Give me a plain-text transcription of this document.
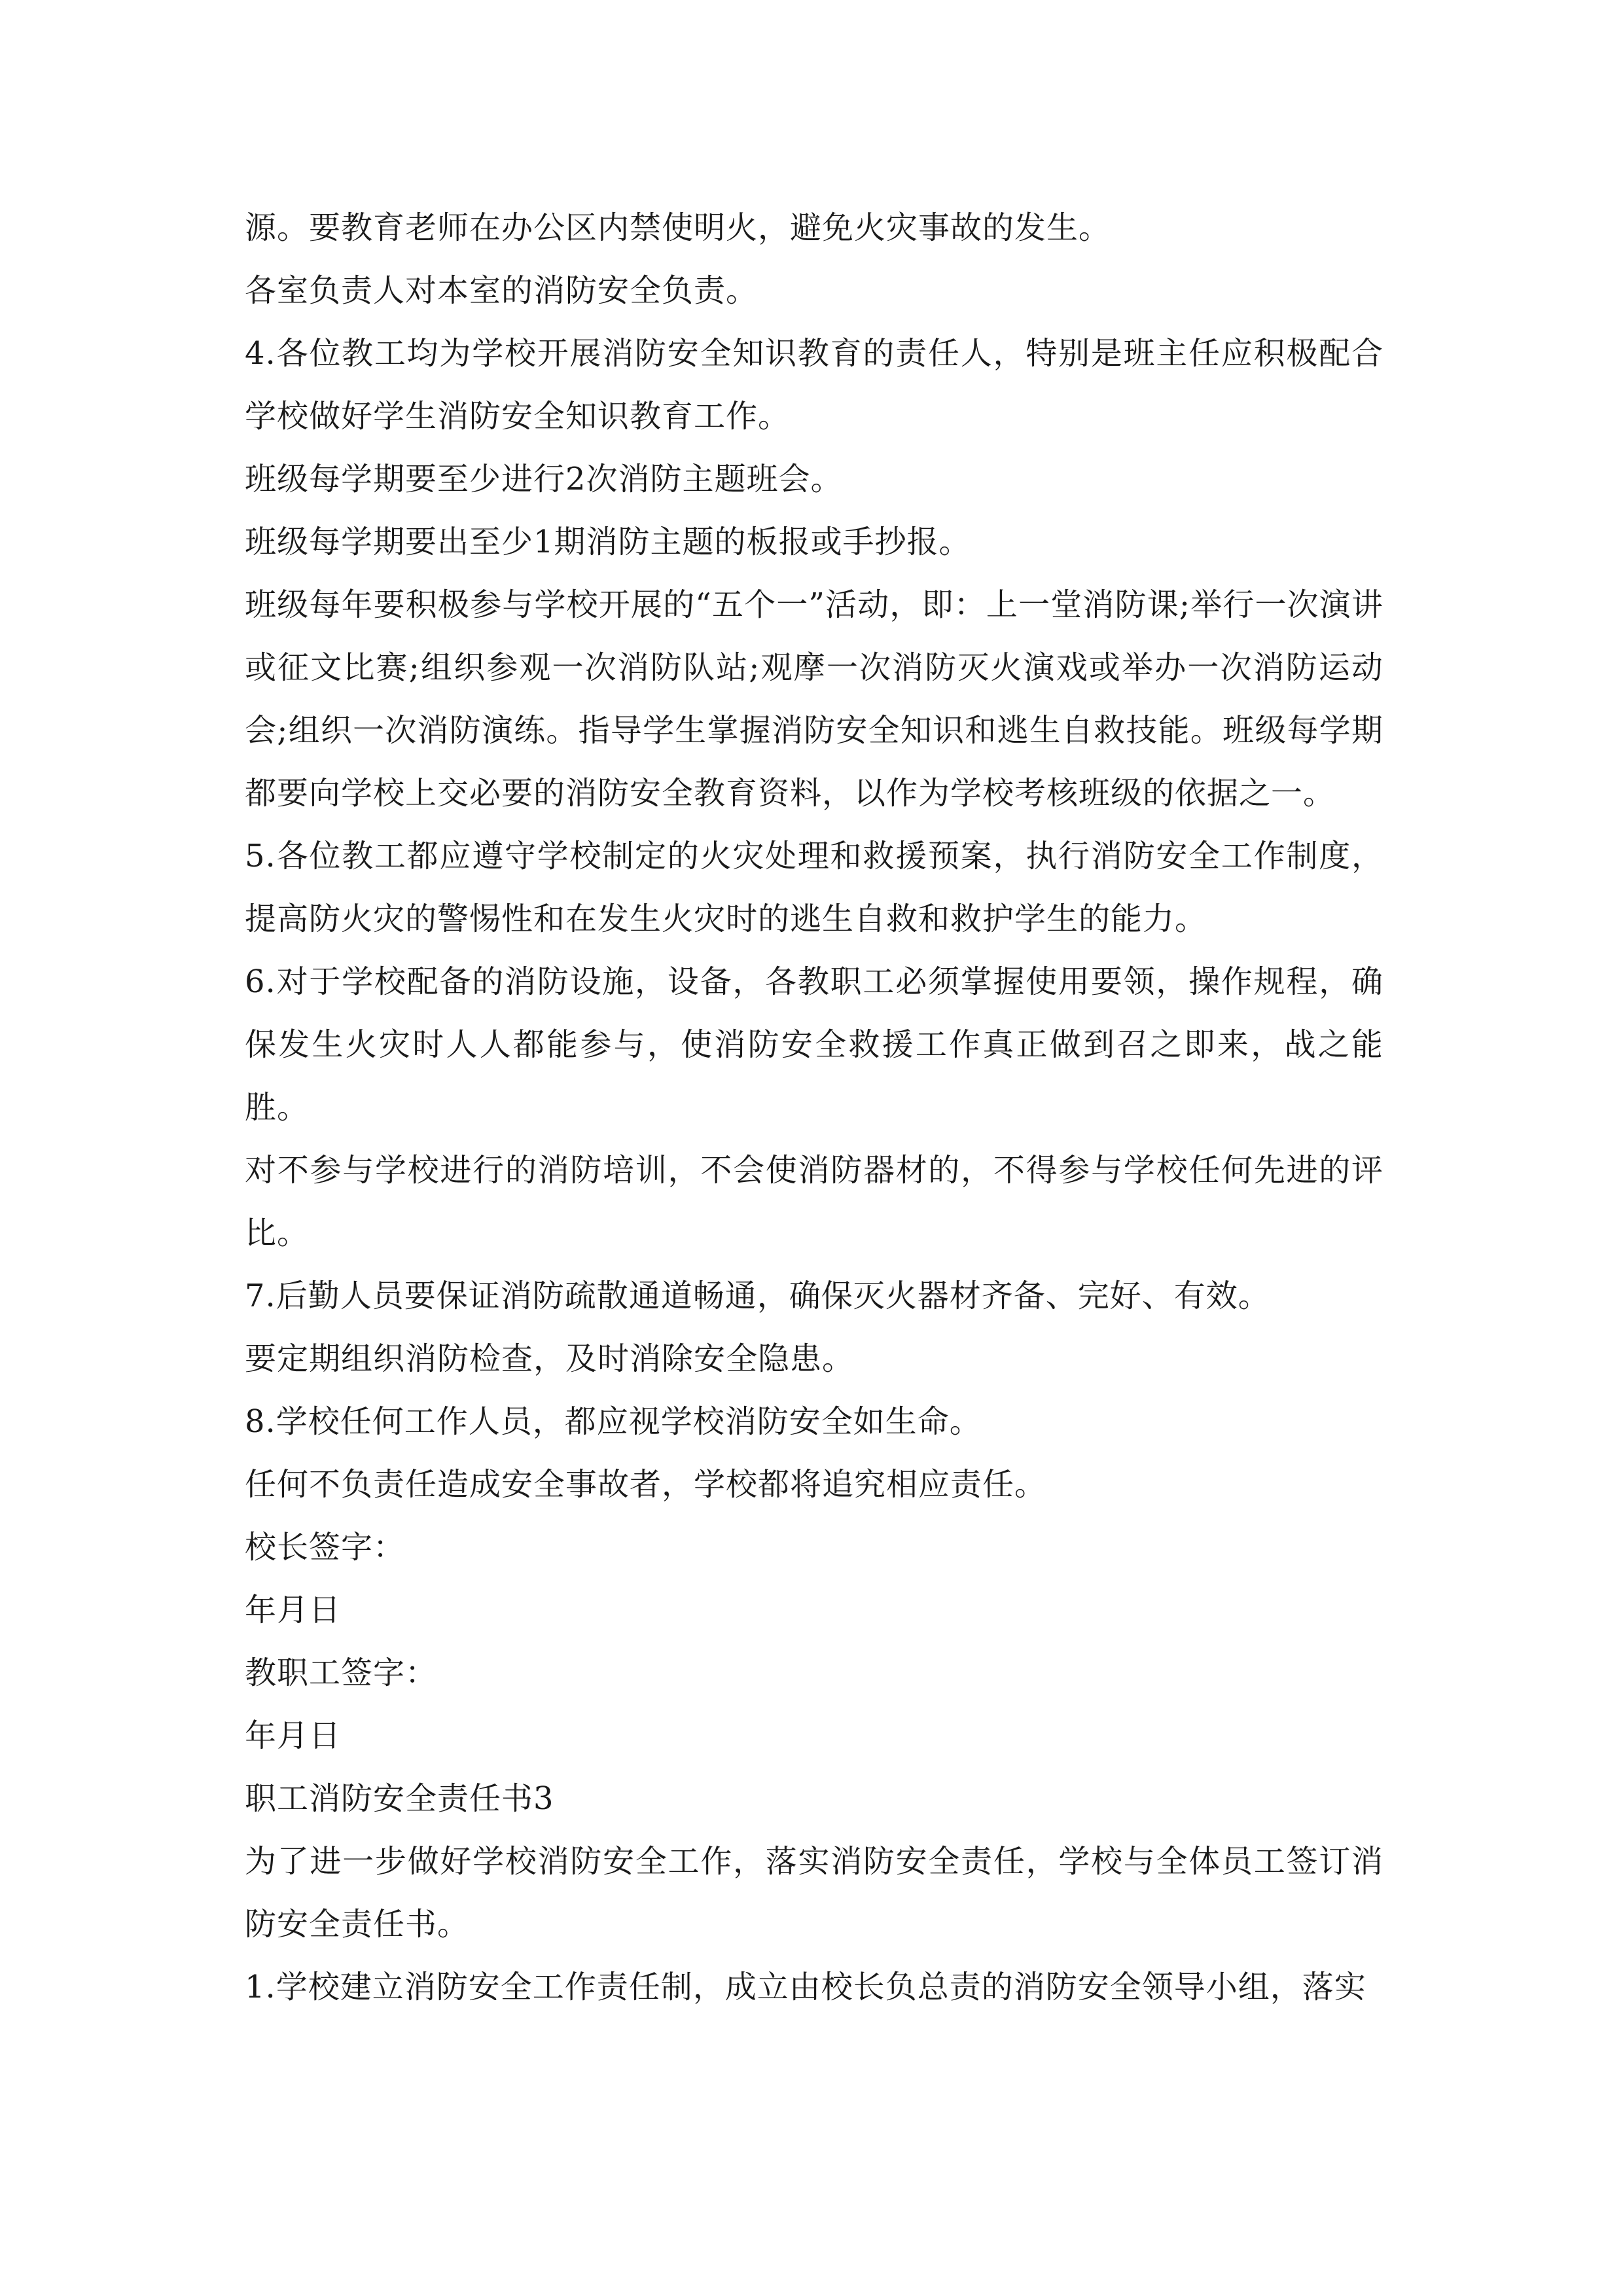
源。要教育老师在办公区内禁使明火，避免火灾事故的发生。

各室负责人对本室的消防安全负责。

4.各位教工均为学校开展消防安全知识教育的责任人，特别是班主任应积极配合学校做好学生消防安全知识教育工作。

班级每学期要至少进行2次消防主题班会。

班级每学期要出至少1期消防主题的板报或手抄报。

班级每年要积极参与学校开展的“五个一”活动，即：上一堂消防课;举行一次演讲或征文比赛;组织参观一次消防队站;观摩一次消防灭火演戏或举办一次消防运动会;组织一次消防演练。指导学生掌握消防安全知识和逃生自救技能。班级每学期都要向学校上交必要的消防安全教育资料，以作为学校考核班级的依据之一。

5.各位教工都应遵守学校制定的火灾处理和救援预案，执行消防安全工作制度，提高防火灾的警惕性和在发生火灾时的逃生自救和救护学生的能力。

6.对于学校配备的消防设施，设备，各教职工必须掌握使用要领，操作规程，确保发生火灾时人人都能参与，使消防安全救援工作真正做到召之即来，战之能胜。

对不参与学校进行的消防培训，不会使消防器材的，不得参与学校任何先进的评比。

7.后勤人员要保证消防疏散通道畅通，确保灭火器材齐备、完好、有效。

要定期组织消防检查，及时消除安全隐患。

8.学校任何工作人员，都应视学校消防安全如生命。

任何不负责任造成安全事故者，学校都将追究相应责任。

校长签字：

年月日

教职工签字：

年月日

职工消防安全责任书3

为了进一步做好学校消防安全工作，落实消防安全责任，学校与全体员工签订消防安全责任书。

1.学校建立消防安全工作责任制，成立由校长负总责的消防安全领导小组，落实
